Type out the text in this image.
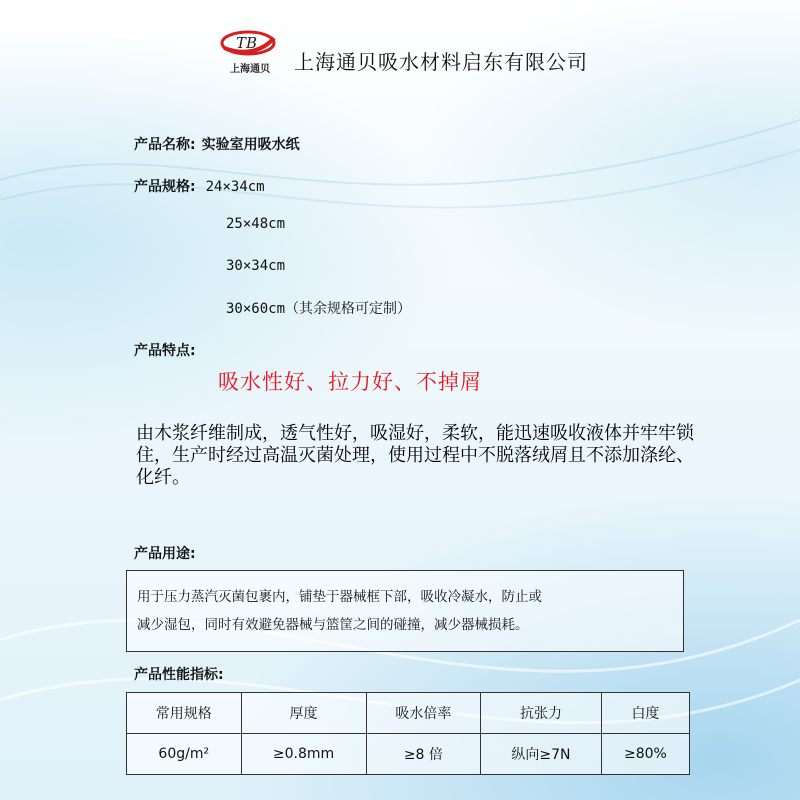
TB
上海通贝	上海通贝吸水材料启东有限公司
产品名称: 实验室用吸水纸
产品规格: 24×34cm
25×48cm
30×34cm
30×60cm（其余规格可定制）
产品特点:
吸水性好、拉力好、不掉屑
由木浆纤维制成，透气性好，吸湿好，柔软，能迅速吸收液体并牢牢锁住，生产时经过高温灭菌处理，使用过程中不脱落绒屑且不添加涤纶、化纤。
产品用途:
用于压力蒸汽灭菌包裹内，铺垫于器械框下部，吸收冷凝水，防止或
减少湿包，同时有效避免器械与篮筐之间的碰撞，减少器械损耗。
产品性能指标:
常用规格	厚度	吸水倍率	抗张力	白度
60g/m²	≥0.8mm	≥8 倍	纵向≥7N	≥80%
